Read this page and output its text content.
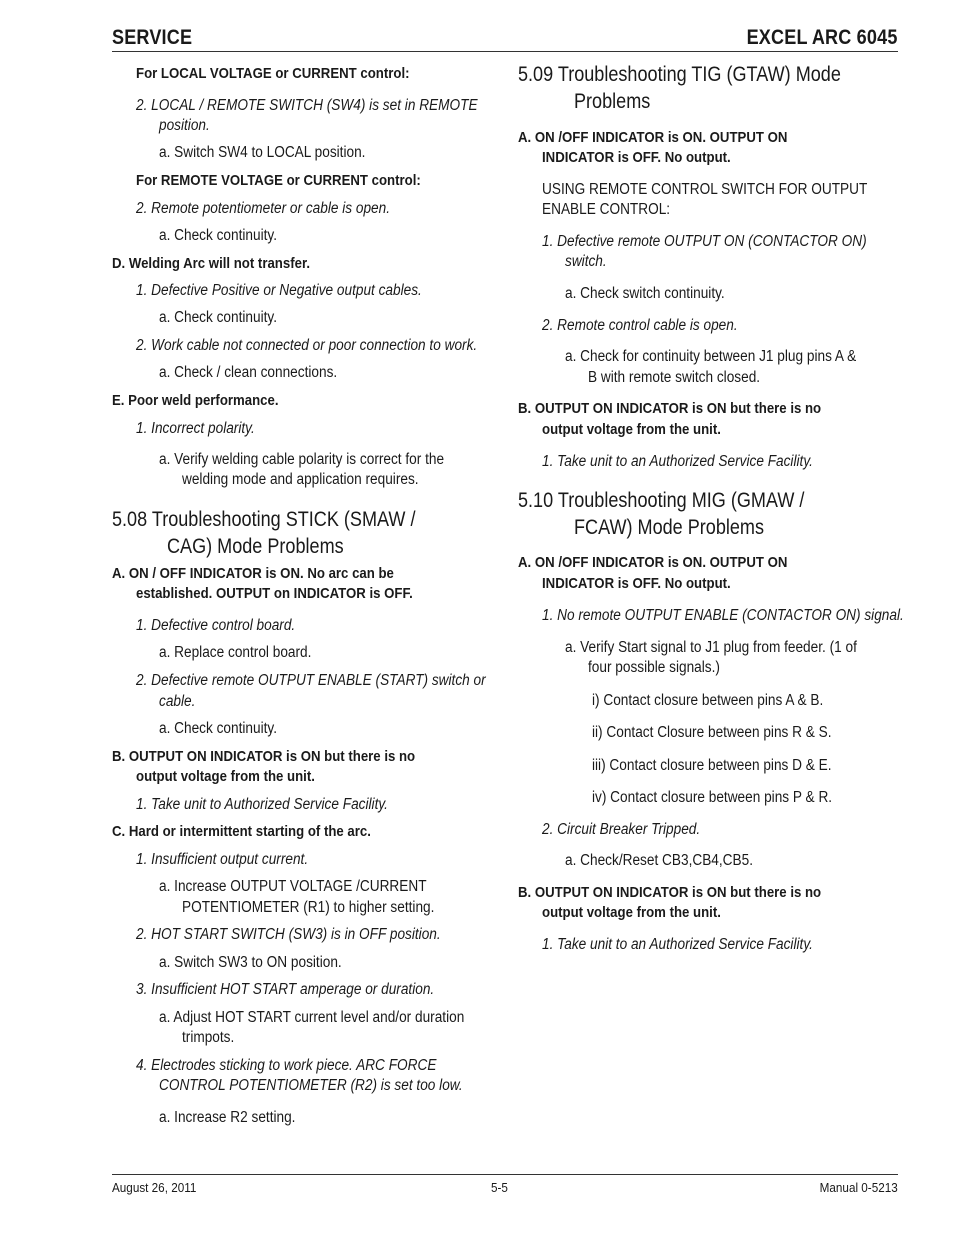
SERVICE	EXCEL ARC 6045
5.08 Troubleshooting STICK (SMAW /
CAG) Mode Problems
5.09 Troubleshooting TIG (GTAW) Mode
Problems
5.10 Troubleshooting MIG (GMAW /
FCAW) Mode Problems
For LOCAL VOLTAGE or CURRENT control:
2. LOCAL / REMOTE SWITCH (SW4) is set in REMOTE
position.
a. Switch SW4 to LOCAL position.
For REMOTE VOLTAGE or CURRENT control:
2. Remote potentiometer or cable is open.
a. Check continuity.
D. Welding Arc will not transfer.
1. Defective Positive or Negative output cables.
a. Check continuity.
2. Work cable not connected or poor connection to work.
a. Check / clean connections.
E. Poor weld performance.
1. Incorrect polarity.
a. Verify welding cable polarity is correct for the
welding mode and application requires.
A. ON / OFF INDICATOR is ON. No arc can be
established. OUTPUT on INDICATOR is OFF.
1. Defective control board.
a. Replace control board.
2. Defective remote OUTPUT ENABLE (START) switch or
cable.
a. Check continuity.
B. OUTPUT ON INDICATOR is ON but there is no
output voltage from the unit.
1. Take unit to Authorized Service Facility.
C. Hard or intermittent starting of the arc.
1. Insufficient output current.
a. Increase OUTPUT VOLTAGE /CURRENT
POTENTIOMETER (R1) to higher setting.
2. HOT START SWITCH (SW3) is in OFF position.
a. Switch SW3 to ON position.
3. Insufficient HOT START amperage or duration.
a. Adjust HOT START current level and/or duration
trimpots.
4. Electrodes sticking to work piece. ARC FORCE
CONTROL POTENTIOMETER (R2) is set too low.
a. Increase R2 setting.
A. ON /OFF INDICATOR is ON. OUTPUT ON
INDICATOR is OFF. No output.
USING REMOTE CONTROL SWITCH FOR OUTPUT
ENABLE CONTROL:
1. Defective remote OUTPUT ON (CONTACTOR ON)
switch.
a. Check switch continuity.
2. Remote control cable is open.
a. Check for continuity between J1 plug pins A &
B with remote switch closed.
B. OUTPUT ON INDICATOR is ON but there is no
output voltage from the unit.
1. Take unit to an Authorized Service Facility.
A. ON /OFF INDICATOR is ON. OUTPUT ON
INDICATOR is OFF. No output.
1. No remote OUTPUT ENABLE (CONTACTOR ON) signal.
a. Verify Start signal to J1 plug from feeder. (1 of
four possible signals.)
i) Contact closure between pins A & B.
ii) Contact Closure between pins R & S.
iii) Contact closure between pins D & E.
iv) Contact closure between pins P & R.
2. Circuit Breaker Tripped.
a. Check/Reset CB3,CB4,CB5.
B. OUTPUT ON INDICATOR is ON but there is no
output voltage from the unit.
1. Take unit to an Authorized Service Facility.
August 26, 2011	5-5	Manual 0-5213
